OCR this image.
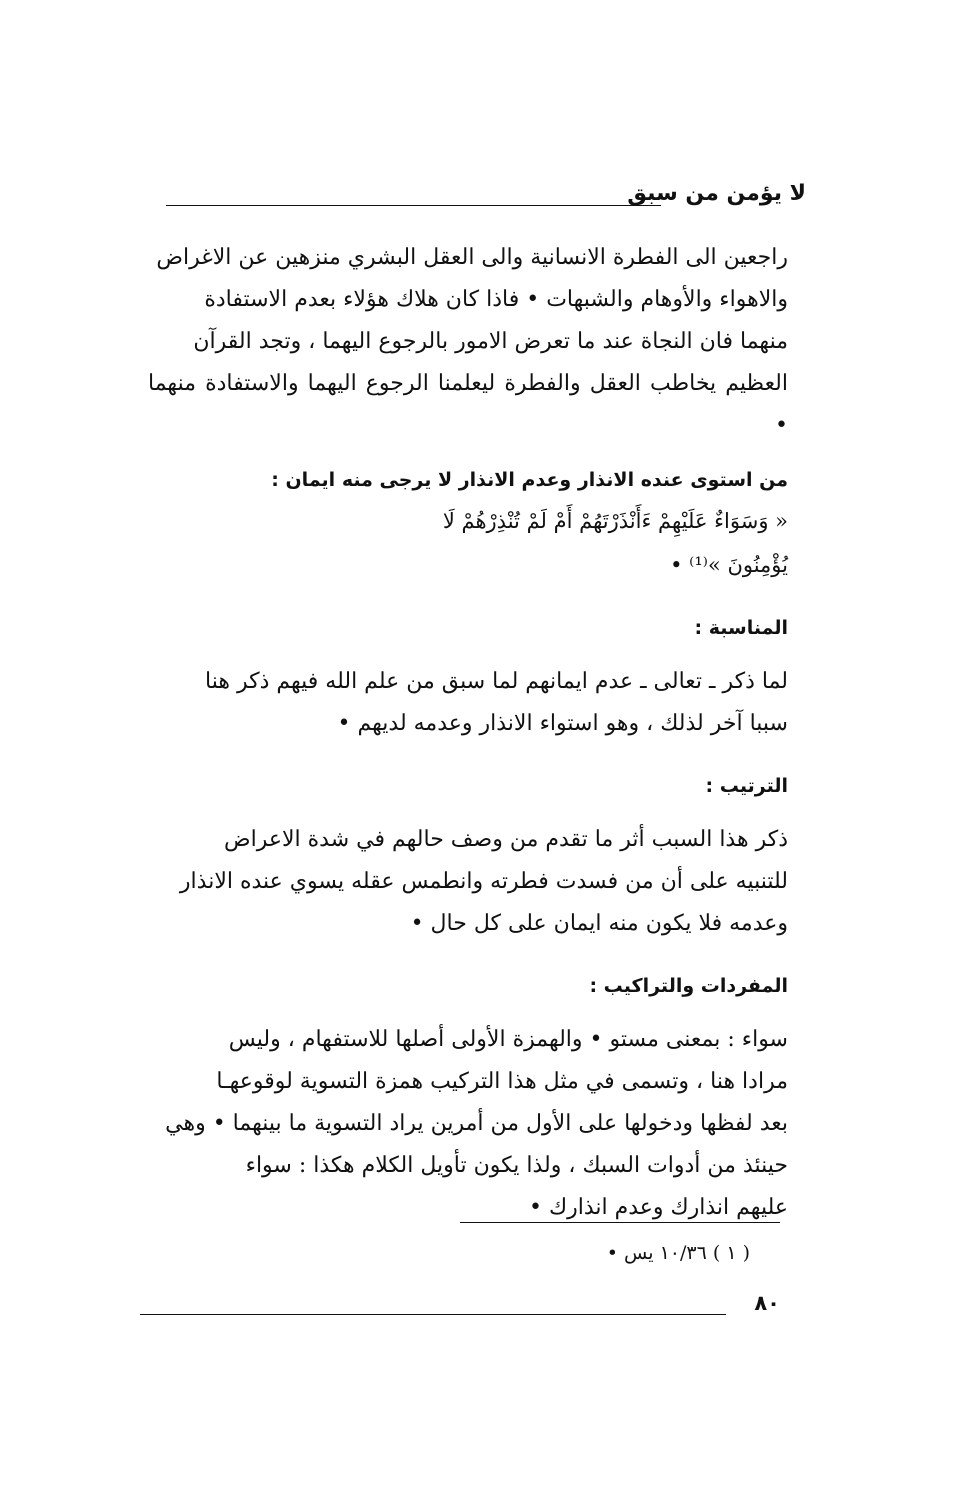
لا يؤمن من سبق

راجعين الى الفطرة الانسانية والى العقل البشري منزهين عن الاغراض
والاهواء والأوهام والشبهات • فاذا كان هلاك هؤلاء بعدم الاستفادة
منهما فان النجاة عند ما تعرض الامور بالرجوع اليهما ، وتجد القرآن
العظيم يخاطب العقل والفطرة ليعلمنا الرجوع اليهما والاستفادة منهما •

من استوى عنده الانذار وعدم الانذار لا يرجى منه ايمان :

« وَسَوَاءٌ عَلَيْهِمْ ءَأَنْذَرْتَهُمْ أَمْ لَمْ تُنْذِرْهُمْ لَا
يُؤْمِنُونَ »⁽¹⁾ •

المناسبة :

لما ذكر ـ تعالى ـ عدم ايمانهم لما سبق من علم الله فيهم ذكر هنا
سببا آخر لذلك ، وهو استواء الانذار وعدمه لديهم •

الترتيب :

ذكر هذا السبب أثر ما تقدم من وصف حالهم في شدة الاعراض
للتنبيه على أن من فسدت فطرته وانطمس عقله يسوي عنده الانذار
وعدمه فلا يكون منه ايمان على كل حال •

المفردات والتراكيب :

سواء : بمعنى مستو • والهمزة الأولى أصلها للاستفهام ، وليس
مرادا هنا ، وتسمى في مثل هذا التركيب همزة التسوية لوقوعهـا
بعد لفظها ودخولها على الأول من أمرين يراد التسوية ما بينهما • وهي
حينئذ من أدوات السبك ، ولذا يكون تأويل الكلام هكذا : سواء
عليهم انذارك وعدم انذارك •

( ١ ) ١٠/٣٦ يس •
٨٠
